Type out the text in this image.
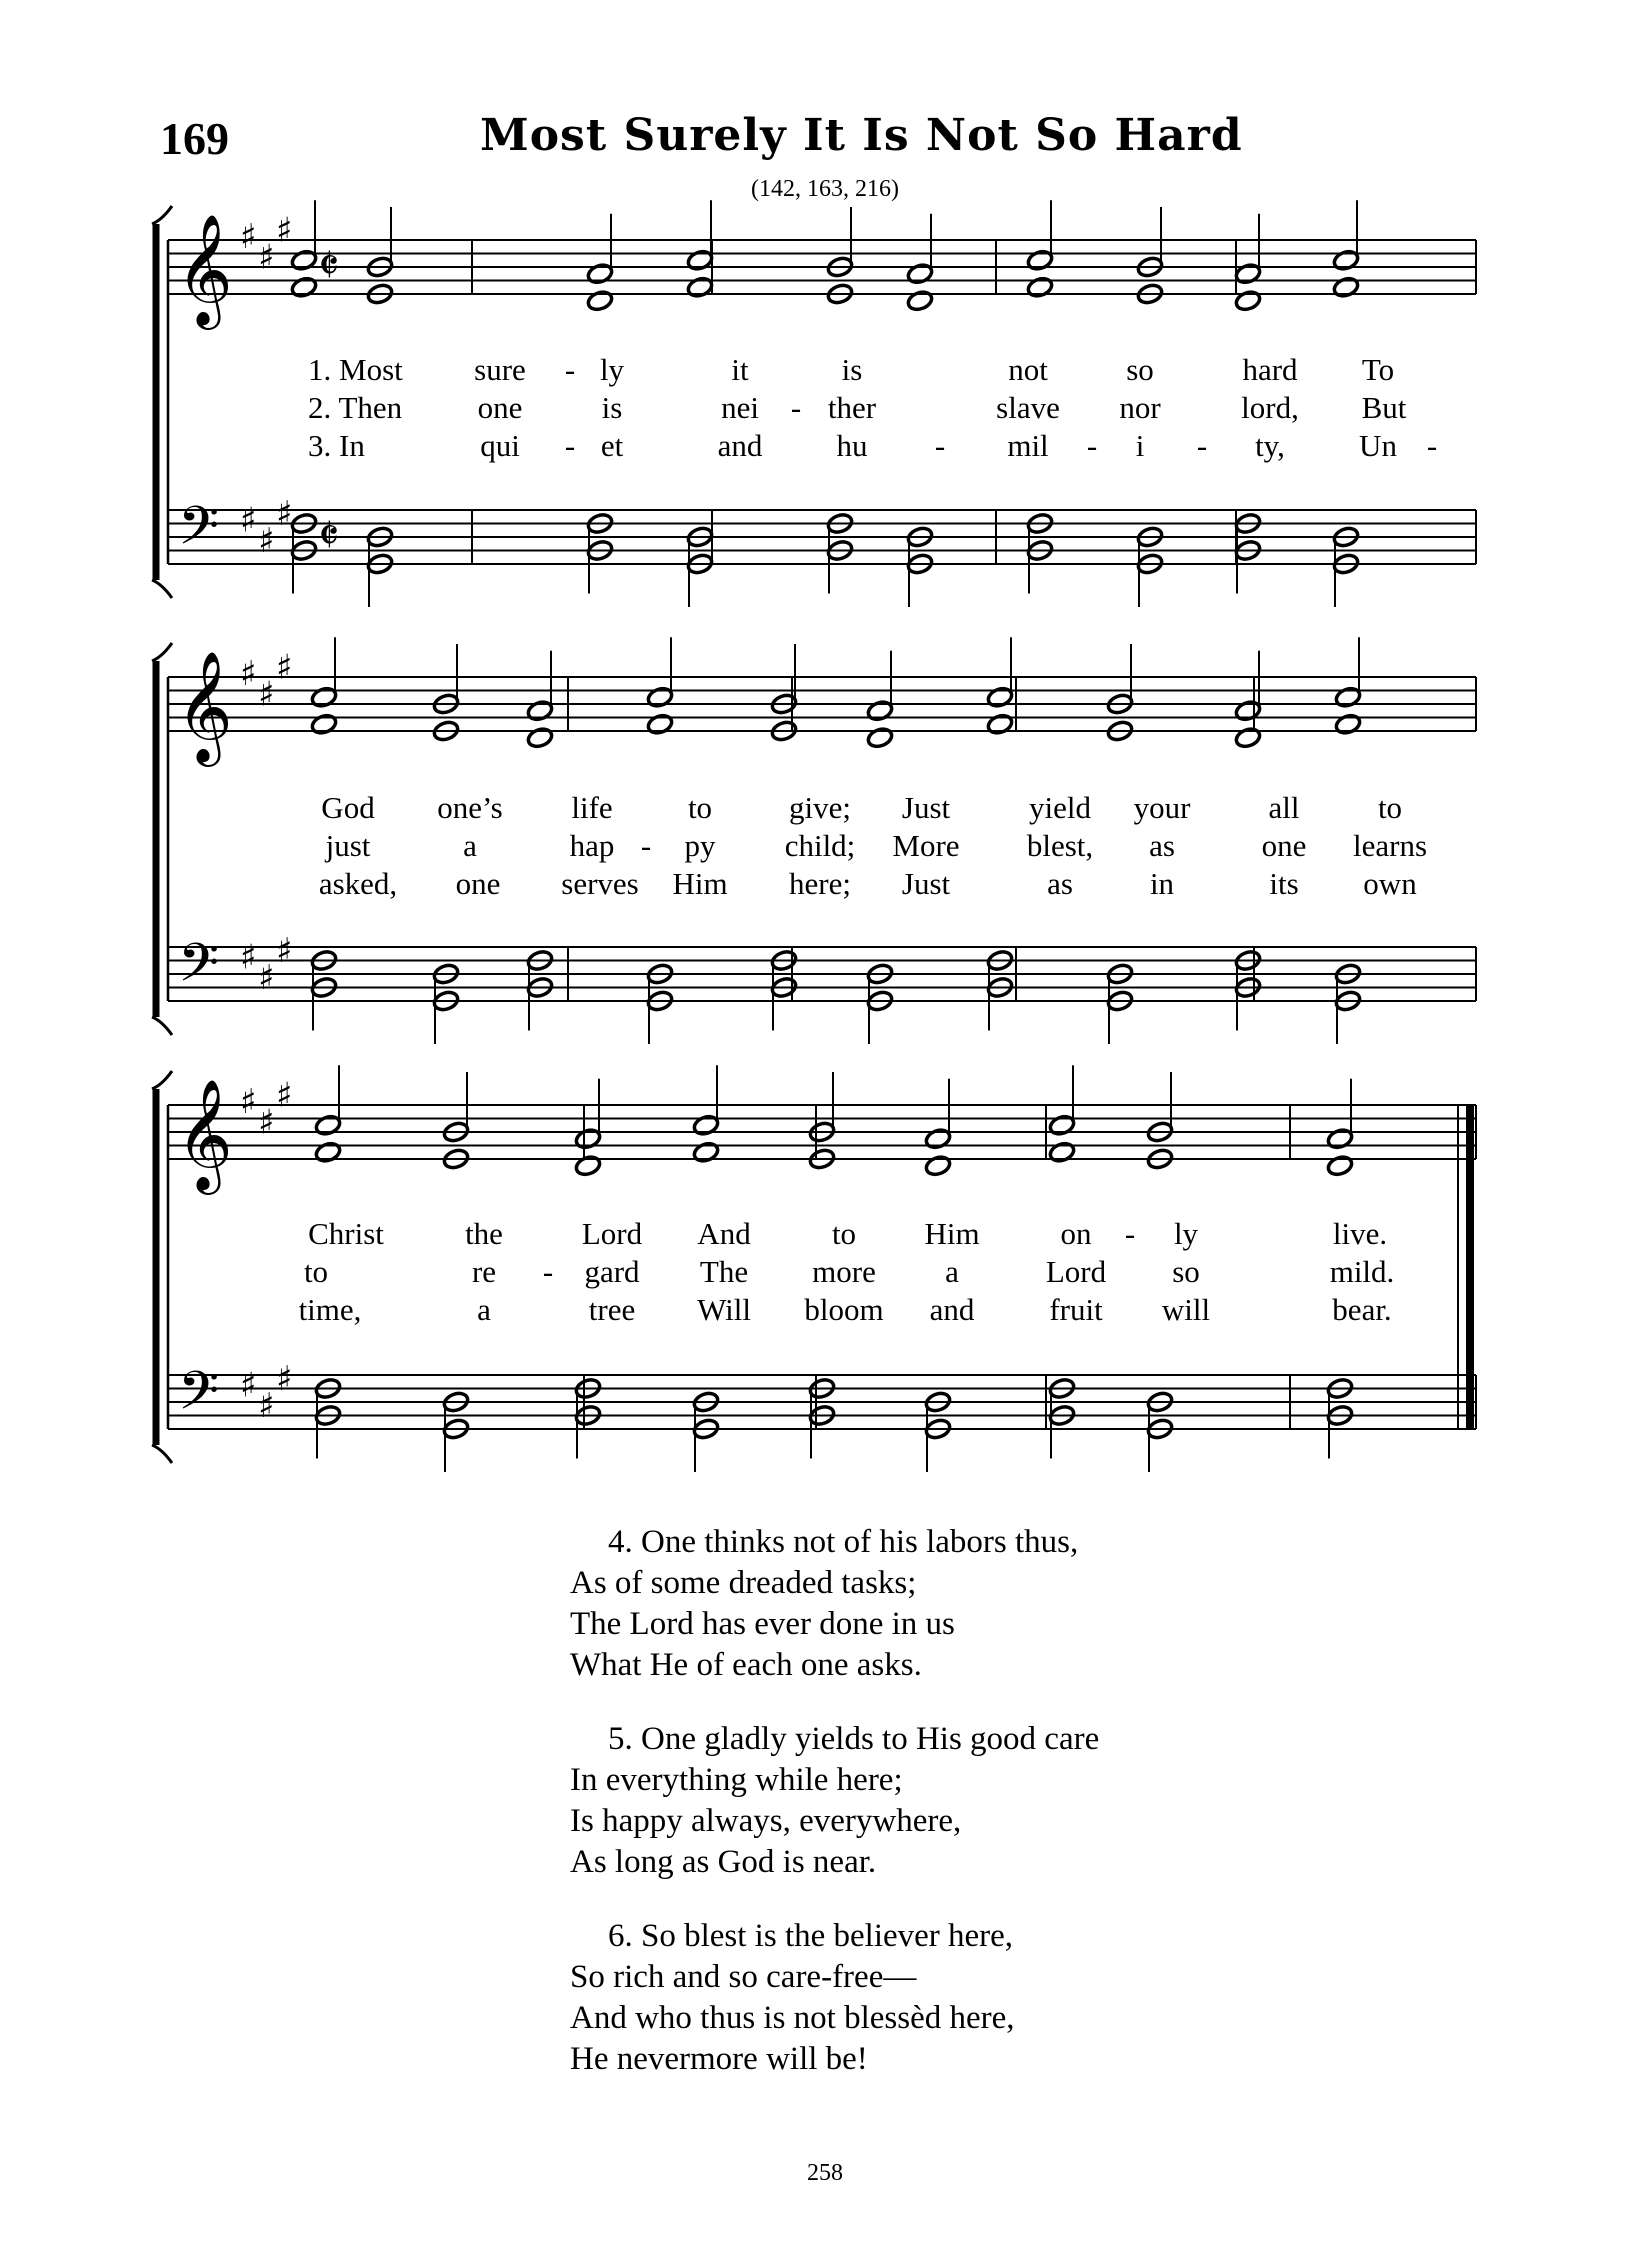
169	Most Surely It Is Not So Hard
(142, 163, 216)
𝄞
𝄢
♯
♯
♯
♯
♯
♯
𝄵
𝄵
𝄞
𝄢
♯
♯
♯
♯
♯
♯
𝄞
𝄢
♯
♯
♯
♯
♯
♯
1. Most sure - ly	it	is	not	so	hard To
2. Then one	is	nei - ther	slave nor	lord, But
3. In	qui - et	and hu - mil - i - ty, Un -
God one’s life to give; Just	yield your	all	to
just	a	hap - py child; More blest, as	one learns
asked, one serves Him here; Just	as in	its own
Christ	the	Lord And	to Him	on - ly	live.
to	re - gard The more a	Lord so	mild.
time,	a	tree Will bloom and fruit will	bear.
4. One thinks not of his labors thus,
As of some dreaded tasks;
The Lord has ever done in us
What He of each one asks.
5. One gladly yields to His good care
In everything while here;
Is happy always, everywhere,
As long as God is near.
6. So blest is the believer here,
So rich and so care-free—
And who thus is not blessèd here,
He nevermore will be!
258
